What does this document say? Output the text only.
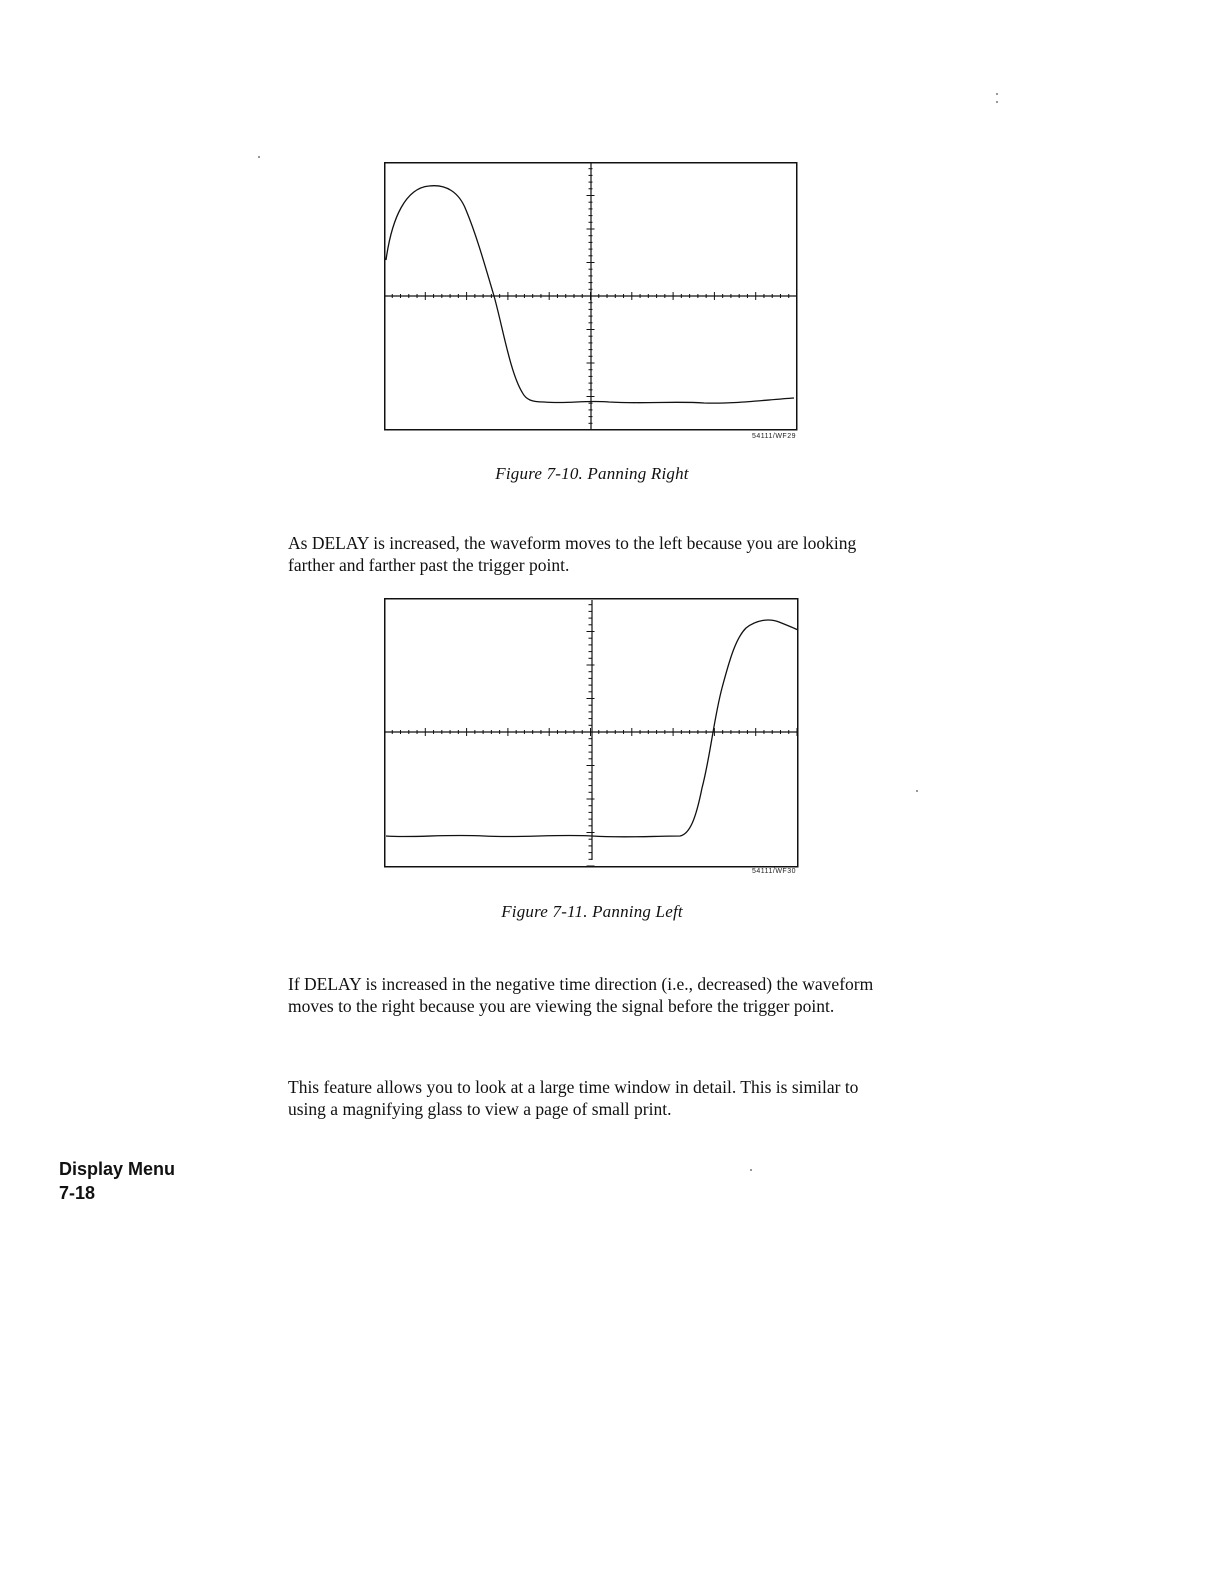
54111/WF29
Figure 7-10. Panning Right

As DELAY is increased, the waveform moves to the left because you are looking farther and farther past the trigger point.

54111/WF30
Figure 7-11. Panning Left

If DELAY is increased in the negative time direction (i.e., decreased) the waveform moves to the right because you are viewing the signal before the trigger point.

This feature allows you to look at a large time window in detail. This is similar to using a magnifying glass to view a page of small print.

Display Menu
7-18
